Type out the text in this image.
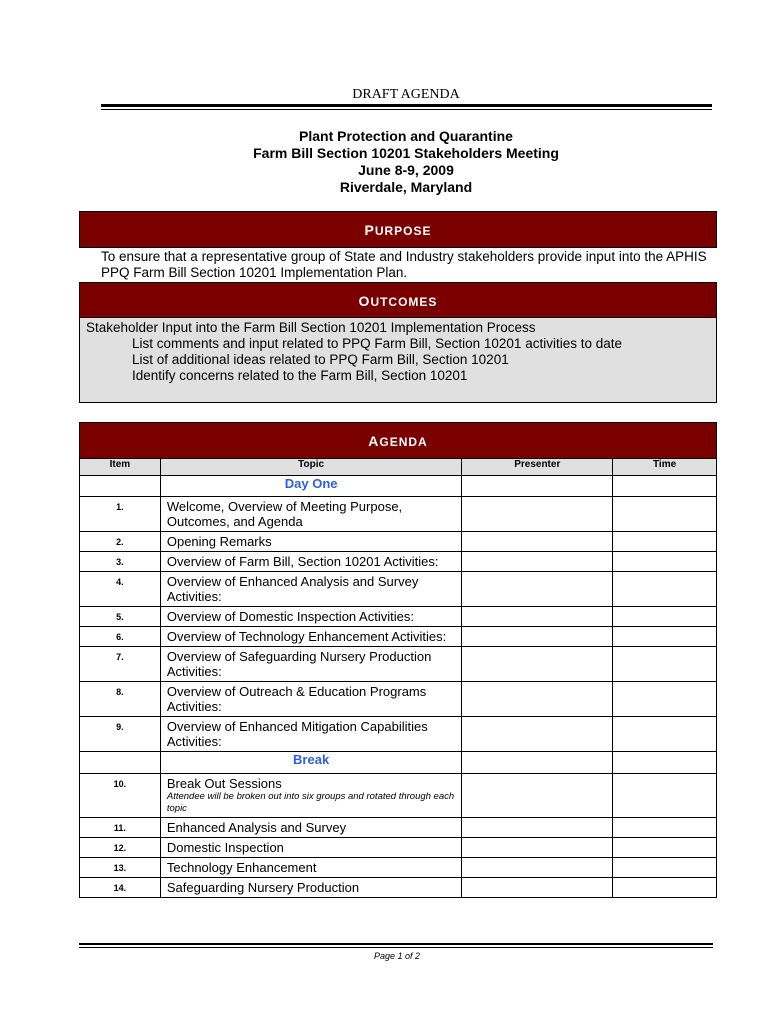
DRAFT AGENDA
Plant Protection and Quarantine
Farm Bill Section 10201 Stakeholders Meeting
June 8-9, 2009
Riverdale, Maryland
PURPOSE
To ensure that a representative group of State and Industry stakeholders provide input into the APHIS PPQ Farm Bill Section 10201 Implementation Plan.
OUTCOMES
Stakeholder Input into the Farm Bill Section 10201 Implementation Process
List comments and input related to PPQ Farm Bill, Section 10201 activities to date
List of additional ideas related to PPQ Farm Bill, Section 10201
Identify concerns related to the Farm Bill, Section 10201
AGENDA
Item	Topic	Presenter	Time
	Day One		
1.	Welcome, Overview of Meeting Purpose, Outcomes, and Agenda		
2.	Opening Remarks		
3.	Overview of Farm Bill, Section 10201 Activities:		
4.	Overview of Enhanced Analysis and Survey Activities:		
5.	Overview of Domestic Inspection Activities:		
6.	Overview of Technology Enhancement Activities:		
7.	Overview of Safeguarding Nursery Production Activities:		
8.	Overview of Outreach & Education Programs Activities:		
9.	Overview of Enhanced Mitigation Capabilities Activities:		
	Break		
10.	Break Out Sessions
Attendee will be broken out into six groups and rotated through each topic		

11.	Enhanced Analysis and Survey		
12.	Domestic Inspection		
13.	Technology Enhancement		
14.	Safeguarding Nursery Production		
Page 1 of 2
